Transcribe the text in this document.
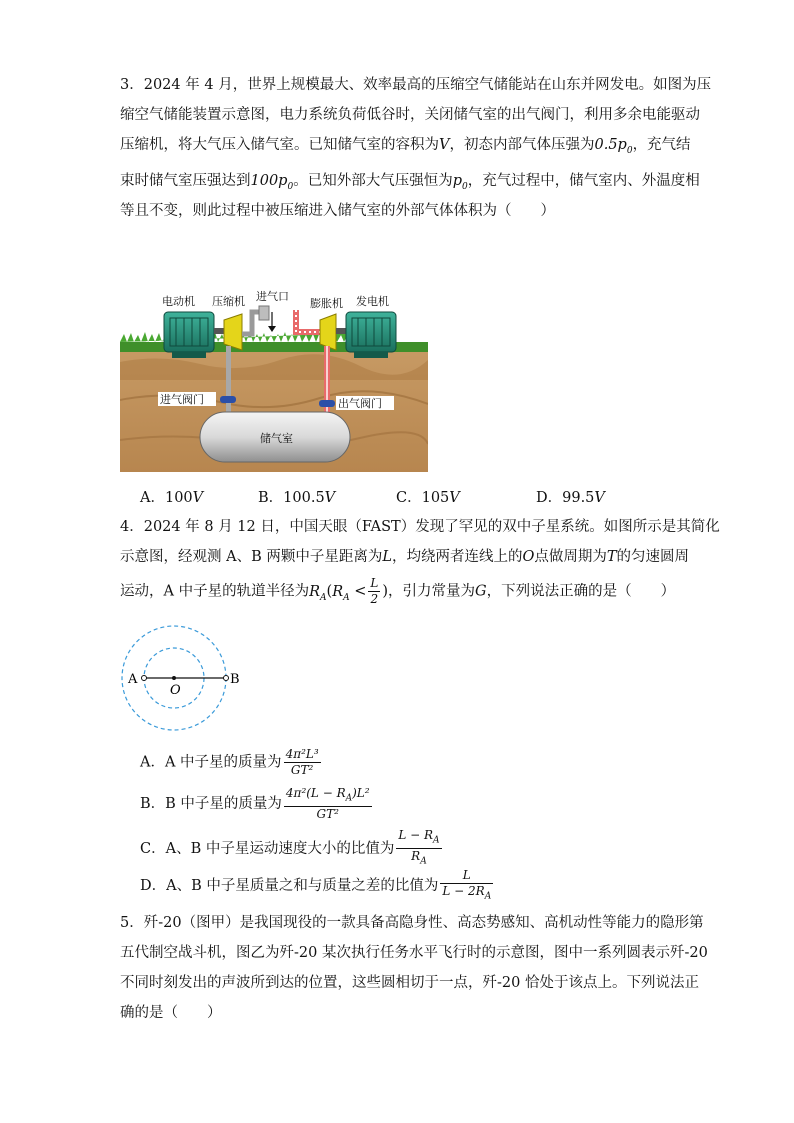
3．2024 年 4 月，世界上规模最大、效率最高的压缩空气储能站在山东并网发电。如图为压
缩空气储能装置示意图，电力系统负荷低谷时，关闭储气室的出气阀门，利用多余电能驱动
压缩机，将大气压入储气室。已知储气室的容积为V，初态内部气体压强为$0.5p_0$，充气结
束时储气室压强达到$100p_0$。已知外部大气压强恒为$p_0$，充气过程中，储气室内、外温度相
等且不变，则此过程中被压缩进入储气室的外部气体体积为（　　）
电动机 压缩机 进气口
膨胀机 发电机
进气阀门	出气阀门
储气室
A．100V	B．100.5V	C．105V	D．99.5V
4．2024 年 8 月 12 日，中国天眼（FAST）发现了罕见的双中子星系统。如图所示是其简化
示意图，经观测 A、B 两颗中子星距离为L，均绕两者连线上的O点做周期为T的匀速圆周
运动，A 中子星的轨道半径为$R_A(R_A < \frac{L}{2}$ )，引力常量为G，下列说法正确的是（　　）
A	B
O
A．A 中子星的质量为 $\frac{\text{4π²L³}}{\text{GT²}}$
B．B 中子星的质量为 $\frac{4\pi^2(L - R_A)L^2}{\text{GT²}}$
C．A、B 中子星运动速度大小的比值为 $\frac{L - R_A}{R_A}$
D．A、B 中子星质量之和与质量之差的比值为 $\frac{L}{L - 2R_A}$
5．歼-20（图甲）是我国现役的一款具备高隐身性、高态势感知、高机动性等能力的隐形第
五代制空战斗机，图乙为歼-20 某次执行任务水平飞行时的示意图，图中一系列圆表示歼-20
不同时刻发出的声波所到达的位置，这些圆相切于一点，歼-20 恰处于该点上。下列说法正
确的是（　　）
